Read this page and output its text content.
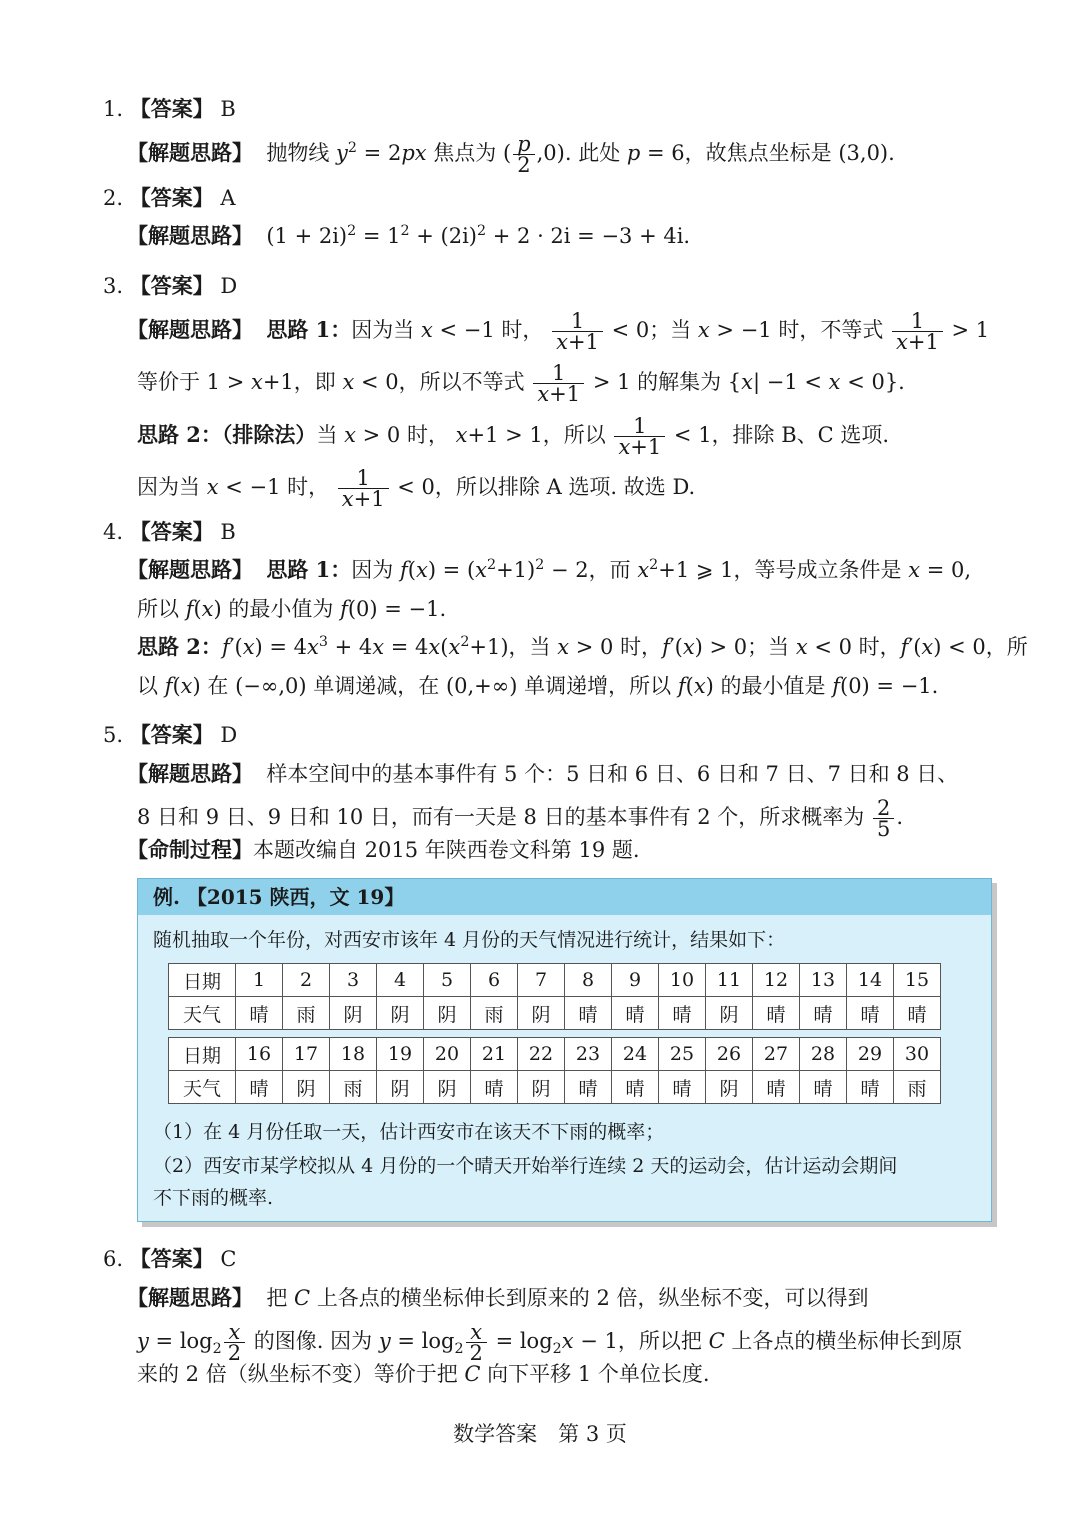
1. 【答案】 B
【解题思路】 抛物线 $y^2 = 2px$ 焦点为 ( $\frac{p}{2} ,0$). 此处 p = 6，故焦点坐标是 (3,0).
2. 【答案】 A
【解题思路】  $(1 + 2i)^2 = 1^2 + (2i)^2 + 2 \cdot 2i = -3 + 4i$.
3. 【答案】 D
【解题思路】 思路 1：因为当 x < −1 时， $\frac{1}{x+1} < 0$；当 x > −1 时，不等式 $\frac{1}{x+1} > 1$
等价于 1 > x+1，即 x < 0，所以不等式 $\frac{1}{x+1} > 1$ 的解集为 {x| −1 < x < 0}.
思路 2：（排除法）当 x > 0 时， x+1 > 1，所以 $\frac{1}{x+1} < 1$，排除 B、C 选项.
因为当 x < −1 时， $\frac{1}{x+1} < 0$，所以排除 A 选项. 故选 D.
4. 【答案】 B
【解题思路】 思路 1：因为 $f(x) = (x^2+1)^2 - 2$，而 $x^2+1$ ⩾ 1，等号成立条件是 x = 0,
所以 f(x) 的最小值为 f(0) = −1.
思路 2：$f'(x) = 4x^3 + 4x = 4x(x^2+1)$，当 x > 0 时，f′(x) > 0；当 x < 0 时，f′(x) < 0，所
以 f(x) 在 (−∞,0) 单调递减，在 (0,+∞) 单调递增，所以 f(x) 的最小值是 f(0) = −1.
5. 【答案】 D
【解题思路】 样本空间中的基本事件有 5 个：5 日和 6 日、6 日和 7 日、7 日和 8 日、
8 日和 9 日、9 日和 10 日，而有一天是 8 日的基本事件有 2 个，所求概率为 $\frac{2}{5}$ .
【命制过程】本题改编自 2015 年陕西卷文科第 19 题.
例. 【2015 陕西，文 19】
随机抽取一个年份，对西安市该年 4 月份的天气情况进行统计，结果如下：
日期	1	2	3	4	5	6	7	8	9	10	11	12	13	14	15
天气	晴	雨	阴	阴	阴	雨	阴	晴	晴	晴	阴	晴	晴	晴	晴
日期	16	17	18	19	20	21	22	23	24	25	26	27	28	29	30
天气	晴	阴	雨	阴	阴	晴	阴	晴	晴	晴	阴	晴	晴	晴	雨
（1）在 4 月份任取一天，估计西安市在该天不下雨的概率；
（2）西安市某学校拟从 4 月份的一个晴天开始举行连续 2 天的运动会，估计运动会期间
不下雨的概率.
6. 【答案】 C
【解题思路】 把 C 上各点的横坐标伸长到原来的 2 倍，纵坐标不变，可以得到
$y = \log_2 \frac{x}{2}$ 的图像. 因为 $y = \log_2 \frac{x}{2} = \log_2x - 1$，所以把 C 上各点的横坐标伸长到原
来的 2 倍（纵坐标不变）等价于把 C 向下平移 1 个单位长度.
数学答案　第 3 页
